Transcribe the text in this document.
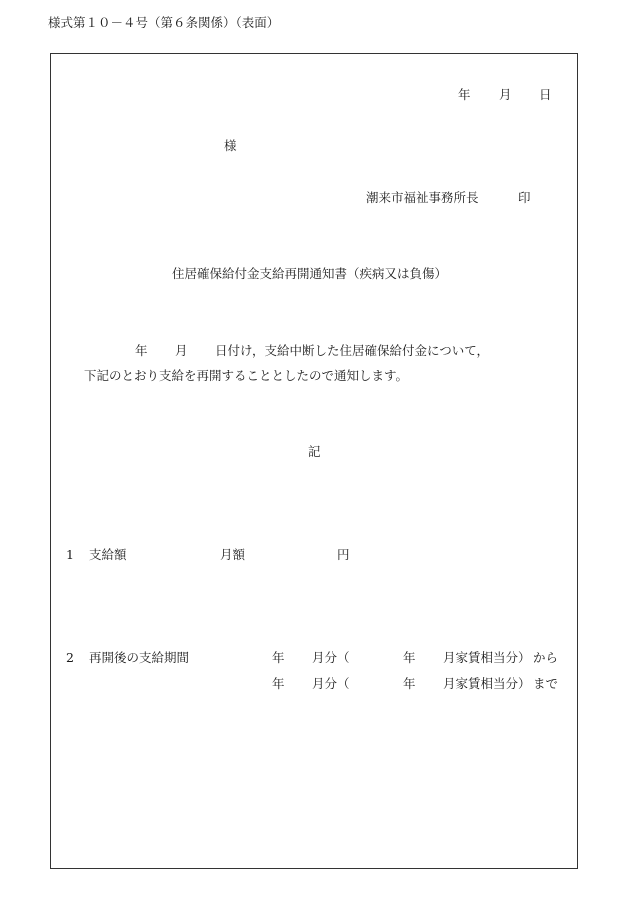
様式第１０－４号（第６条関係）（表面）
年 月 日
様
潮来市福祉事務所長	印
住居確保給付金支給再開通知書（疾病又は負傷）
年 月 日付け，支給中断した住居確保給付金について，
下記のとおり支給を再開することとしたので通知します。
記
1 支給額	月額	円
2 再開後の支給期間	年 月分（	年 月家賃相当分） から
年 月分（	年 月家賃相当分） まで
